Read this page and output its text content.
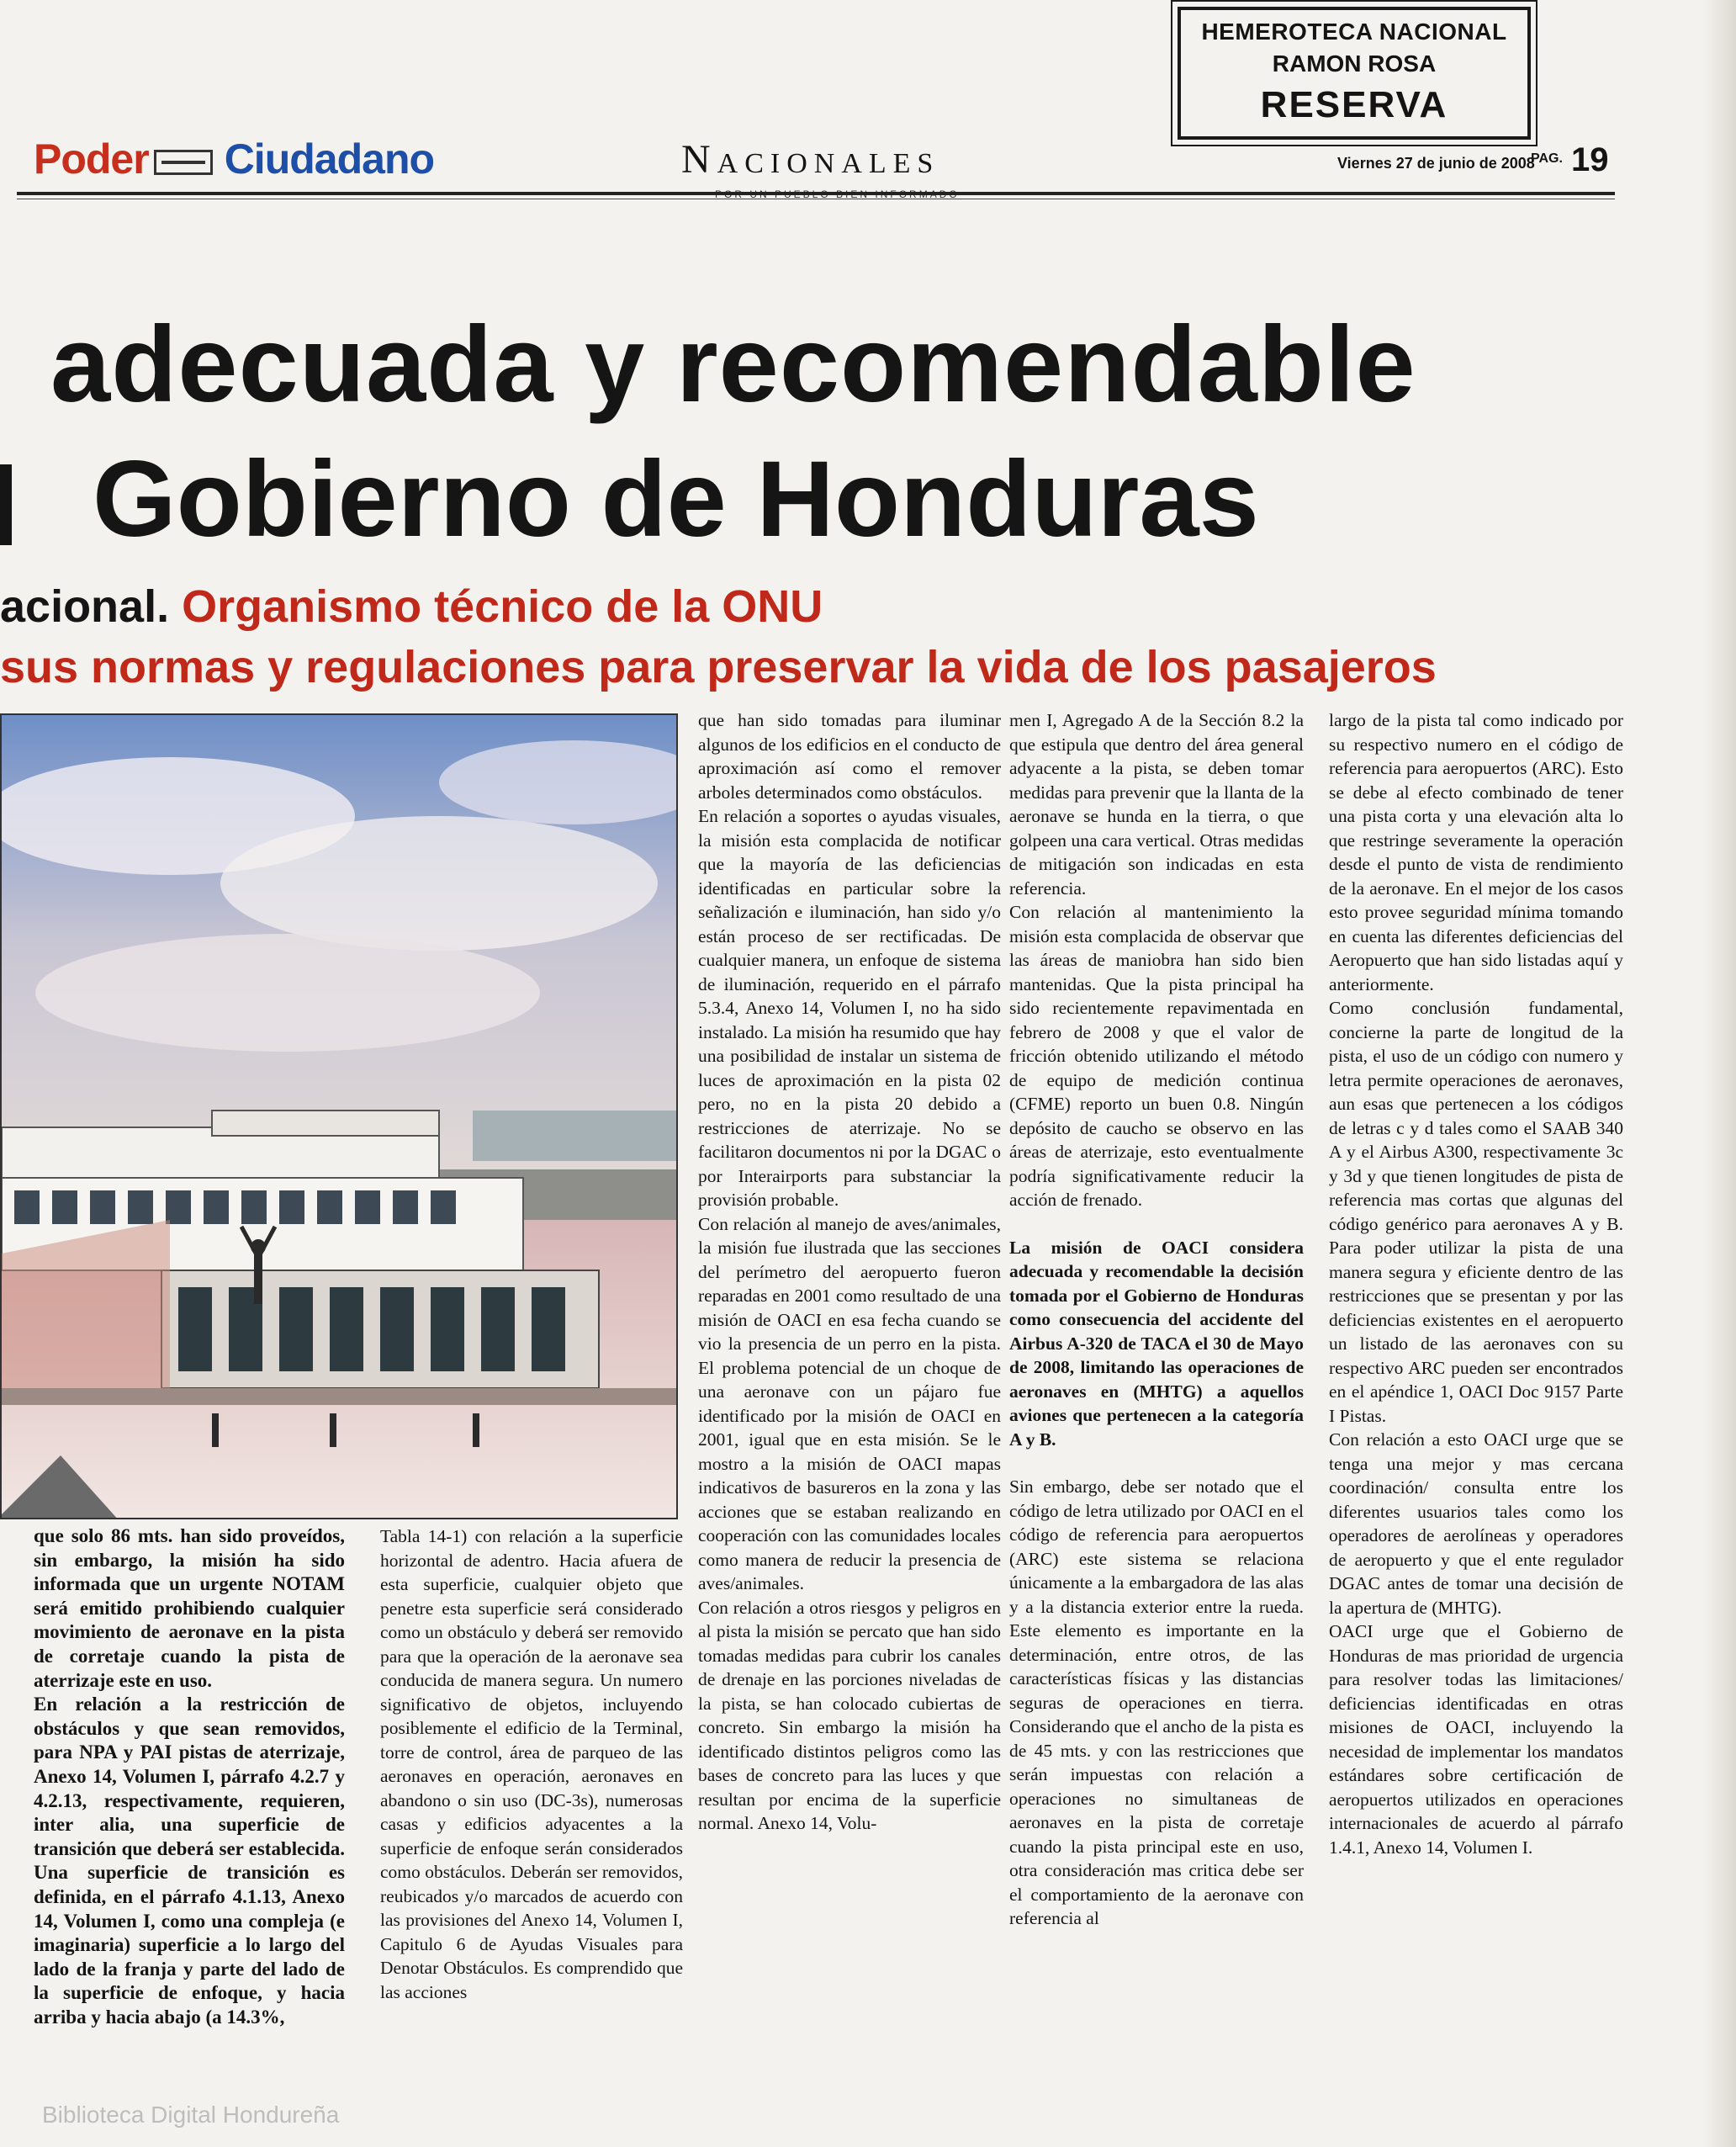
HEMEROTECA NACIONAL
RAMON ROSA
RESERVA
Poder Ciudadano	Nacionales	Viernes 27 de junio de 2008
PAG. 19
adecuada y recomendable
Gobierno de Honduras
acional. Organismo técnico de la ONU
sus normas y regulaciones para preservar la vida de los pasajeros

que solo 86 mts. han sido proveídos, sin embargo, la misión ha sido informada que un urgente NOTAM será emitido prohibiendo cualquier movimiento de aeronave en la pista de corretaje cuando la pista de aterrizaje este en uso.

En relación a la restricción de obstáculos y que sean removidos, para NPA y PAI pistas de aterrizaje, Anexo 14, Volumen I, párrafo 4.2.7 y 4.2.13, respectivamente, requieren, inter alia, una superficie de transición que deberá ser establecida. Una superficie de transición es definida, en el párrafo 4.1.13, Anexo 14, Volumen I, como una compleja (e imaginaria) superficie a lo largo del lado de la franja y parte del lado de la superficie de enfoque, y hacia arriba y hacia abajo (a 14.3%,

Tabla 14-1) con relación a la superficie horizontal de adentro. Hacia afuera de esta superficie, cualquier objeto que penetre esta superficie será considerado como un obstáculo y deberá ser removido para que la operación de la aeronave sea conducida de manera segura. Un numero significativo de objetos, incluyendo posiblemente el edificio de la Terminal, torre de control, área de parqueo de las aeronaves en operación, aeronaves en abandono o sin uso (DC-3s), numerosas casas y edificios adyacentes a la superficie de enfoque serán considerados como obstáculos. Deberán ser removidos, reubicados y/o marcados de acuerdo con las provisiones del Anexo 14, Volumen I, Capitulo 6 de Ayudas Visuales para Denotar Obstáculos. Es comprendido que las acciones

que han sido tomadas para iluminar algunos de los edificios en el conducto de aproximación así como el remover arboles determinados como obstáculos.

En relación a soportes o ayudas visuales, la misión esta complacida de notificar que la mayoría de las deficiencias identificadas en particular sobre la señalización e iluminación, han sido y/o están proceso de ser rectificadas. De cualquier manera, un enfoque de sistema de iluminación, requerido en el párrafo 5.3.4, Anexo 14, Volumen I, no ha sido instalado. La misión ha resumido que hay una posibilidad de instalar un sistema de luces de aproximación en la pista 02 pero, no en la pista 20 debido a restricciones de aterrizaje. No se facilitaron documentos ni por la DGAC o por Interairports para substanciar la provisión probable.

Con relación al manejo de aves/animales, la misión fue ilustrada que las secciones del perímetro del aeropuerto fueron reparadas en 2001 como resultado de una misión de OACI en esa fecha cuando se vio la presencia de un perro en la pista. El problema potencial de un choque de una aeronave con un pájaro fue identificado por la misión de OACI en 2001, igual que en esta misión. Se le mostro a la misión de OACI mapas indicativos de basureros en la zona y las acciones que se estaban realizando en cooperación con las comunidades locales como manera de reducir la presencia de aves/animales.

Con relación a otros riesgos y peligros en al pista la misión se percato que han sido tomadas medidas para cubrir los canales de drenaje en las porciones niveladas de la pista, se han colocado cubiertas de concreto. Sin embargo la misión ha identificado distintos peligros como las bases de concreto para las luces y que resultan por encima de la superficie normal. Anexo 14, Volu-

men I, Agregado A de la Sección 8.2 la que estipula que dentro del área general adyacente a la pista, se deben tomar medidas para prevenir que la llanta de la aeronave se hunda en la tierra, o que golpeen una cara vertical. Otras medidas de mitigación son indicadas en esta referencia.

Con relación al mantenimiento la misión esta complacida de observar que las áreas de maniobra han sido bien mantenidas. Que la pista principal ha sido recientemente repavimentada en febrero de 2008 y que el valor de fricción obtenido utilizando el método de equipo de medición continua (CFME) reporto un buen 0.8. Ningún depósito de caucho se observo en las áreas de aterrizaje, esto eventualmente podría significativamente reducir la acción de frenado.

La misión de OACI considera adecuada y recomendable la decisión tomada por el Gobierno de Honduras como consecuencia del accidente del Airbus A-320 de TACA el 30 de Mayo de 2008, limitando las operaciones de aeronaves en (MHTG) a aquellos aviones que pertenecen a la categoría A y B.

Sin embargo, debe ser notado que el código de letra utilizado por OACI en el código de referencia para aeropuertos (ARC) este sistema se relaciona únicamente a la embargadora de las alas y a la distancia exterior entre la rueda. Este elemento es importante en la determinación, entre otros, de las características físicas y las distancias seguras de operaciones en tierra. Considerando que el ancho de la pista es de 45 mts. y con las restricciones que serán impuestas con relación a operaciones no simultaneas de aeronaves en la pista de corretaje cuando la pista principal este en uso, otra consideración mas critica debe ser el comportamiento de la aeronave con referencia al

largo de la pista tal como indicado por su respectivo numero en el código de referencia para aeropuertos (ARC). Esto se debe al efecto combinado de tener una pista corta y una elevación alta lo que restringe severamente la operación desde el punto de vista de rendimiento de la aeronave. En el mejor de los casos esto provee seguridad mínima tomando en cuenta las diferentes deficiencias del Aeropuerto que han sido listadas aquí y anteriormente.

Como conclusión fundamental, concierne la parte de longitud de la pista, el uso de un código con numero y letra permite operaciones de aeronaves, aun esas que pertenecen a los códigos de letras c y d tales como el SAAB 340 A y el Airbus A300, respectivamente 3c y 3d y que tienen longitudes de pista de referencia mas cortas que algunas del código genérico para aeronaves A y B. Para poder utilizar la pista de una manera segura y eficiente dentro de las restricciones que se presentan y por las deficiencias existentes en el aeropuerto un listado de las aeronaves con su respectivo ARC pueden ser encontrados en el apéndice 1, OACI Doc 9157 Parte I Pistas.

Con relación a esto OACI urge que se tenga una mejor y mas cercana coordinación/ consulta entre los diferentes usuarios tales como los operadores de aerolíneas y operadores de aeropuerto y que el ente regulador DGAC antes de tomar una decisión de la apertura de (MHTG).

OACI urge que el Gobierno de Honduras de mas prioridad de urgencia para resolver todas las limitaciones/ deficiencias identificadas en otras misiones de OACI, incluyendo la necesidad de implementar los mandatos estándares sobre certificación de aeropuertos utilizados en operaciones internacionales de acuerdo al párrafo 1.4.1, Anexo 14, Volumen I.

Biblioteca Digital Hondureña
